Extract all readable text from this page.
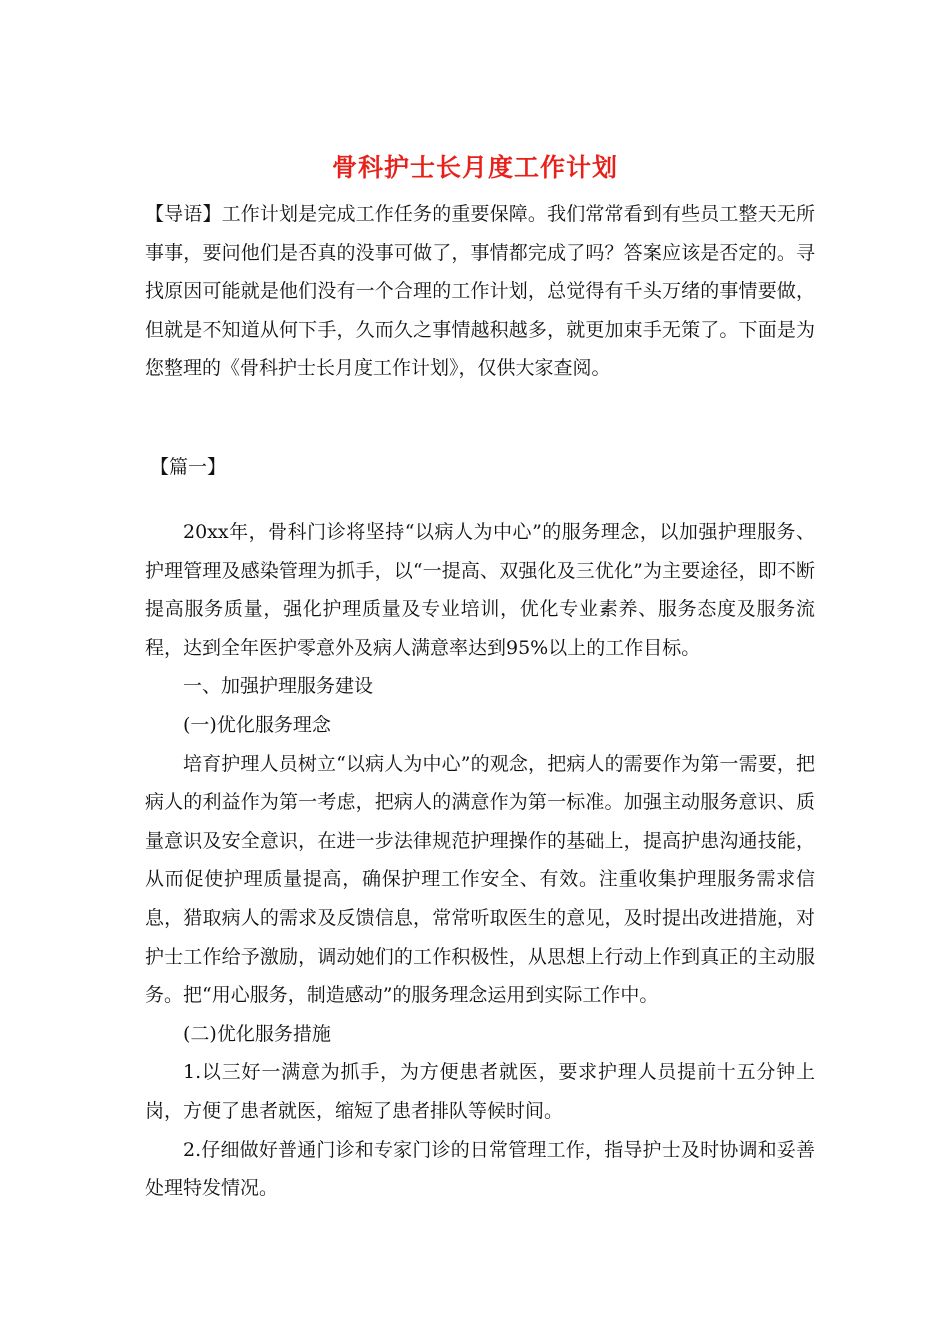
骨科护士长月度工作计划

【导语】工作计划是完成工作任务的重要保障。我们常常看到有些员工整天无所事事，要问他们是否真的没事可做了，事情都完成了吗？答案应该是否定的。寻找原因可能就是他们没有一个合理的工作计划，总觉得有千头万绪的事情要做，但就是不知道从何下手，久而久之事情越积越多，就更加束手无策了。下面是为您整理的《骨科护士长月度工作计划》，仅供大家查阅。

【篇一】

20xx年，骨科门诊将坚持“以病人为中心”的服务理念，以加强护理服务、护理管理及感染管理为抓手，以“一提高、双强化及三优化”为主要途径，即不断提高服务质量，强化护理质量及专业培训，优化专业素养、服务态度及服务流程，达到全年医护零意外及病人满意率达到95%以上的工作目标。

一、加强护理服务建设

(一)优化服务理念

培育护理人员树立“以病人为中心”的观念，把病人的需要作为第一需要，把病人的利益作为第一考虑，把病人的满意作为第一标准。加强主动服务意识、质量意识及安全意识，在进一步法律规范护理操作的基础上，提高护患沟通技能，从而促使护理质量提高，确保护理工作安全、有效。注重收集护理服务需求信息，猎取病人的需求及反馈信息，常常听取医生的意见，及时提出改进措施，对护士工作给予激励，调动她们的工作积极性，从思想上行动上作到真正的主动服务。把“用心服务，制造感动”的服务理念运用到实际工作中。

(二)优化服务措施

1.以三好一满意为抓手，为方便患者就医，要求护理人员提前十五分钟上岗，方便了患者就医，缩短了患者排队等候时间。

2.仔细做好普通门诊和专家门诊的日常管理工作，指导护士及时协调和妥善处理特发情况。
